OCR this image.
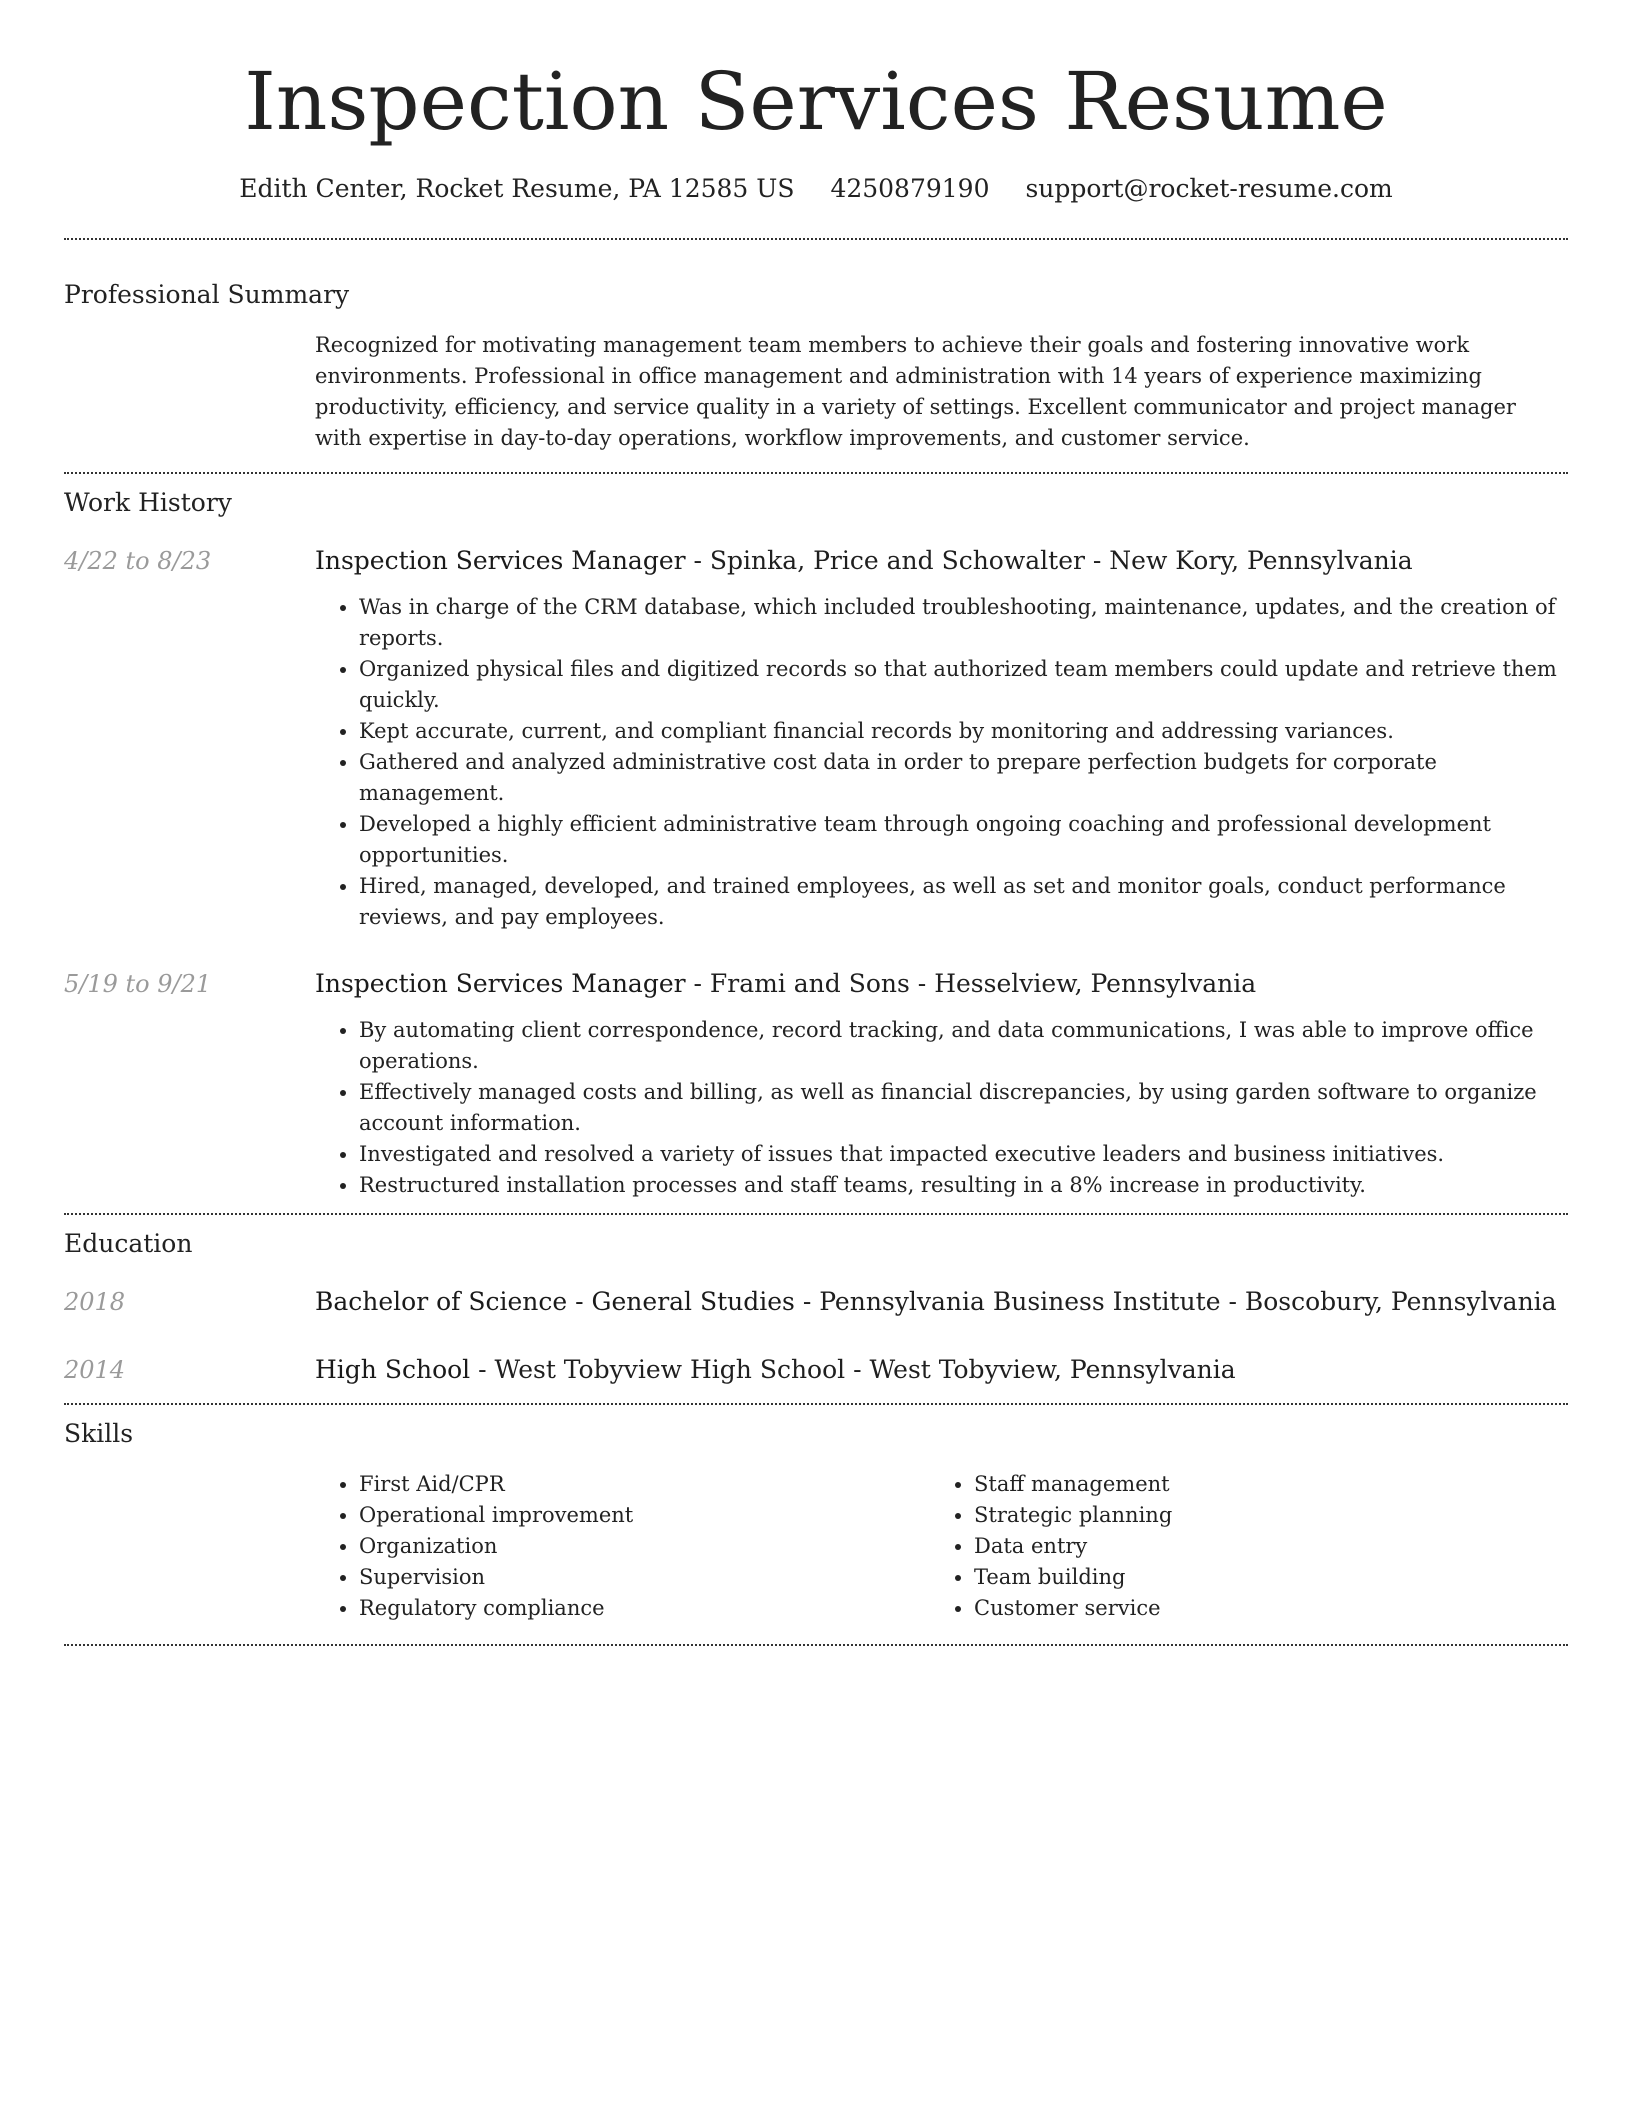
Inspection Services Resume
Edith Center, Rocket Resume, PA 12585 US 4250879190 support@rocket-resume.com
Professional Summary
Recognized for motivating management team members to achieve their goals and fostering innovative work environments. Professional in office management and administration with 14 years of experience maximizing productivity, efficiency, and service quality in a variety of settings. Excellent communicator and project manager with expertise in day-to-day operations, workflow improvements, and customer service.
Work History
4/22 to 8/23	Inspection Services Manager - Spinka, Price and Schowalter - New Kory, Pennsylvania
• Was in charge of the CRM database, which included troubleshooting, maintenance, updates, and the creation of reports.
• Organized physical files and digitized records so that authorized team members could update and retrieve them quickly.
• Kept accurate, current, and compliant financial records by monitoring and addressing variances.
• Gathered and analyzed administrative cost data in order to prepare perfection budgets for corporate management.
• Developed a highly efficient administrative team through ongoing coaching and professional development opportunities.
• Hired, managed, developed, and trained employees, as well as set and monitor goals, conduct performance reviews, and pay employees.
5/19 to 9/21	Inspection Services Manager - Frami and Sons - Hesselview, Pennsylvania
• By automating client correspondence, record tracking, and data communications, I was able to improve office operations.
• Effectively managed costs and billing, as well as financial discrepancies, by using garden software to organize account information.
• Investigated and resolved a variety of issues that impacted executive leaders and business initiatives.
• Restructured installation processes and staff teams, resulting in a 8% increase in productivity.
Education
2018	Bachelor of Science - General Studies - Pennsylvania Business Institute - Boscobury, Pennsylvania
2014	High School - West Tobyview High School - West Tobyview, Pennsylvania
Skills
• First Aid/CPR
• Operational improvement
• Organization
• Supervision
• Regulatory compliance
• Staff management
• Strategic planning
• Data entry
• Team building
• Customer service
